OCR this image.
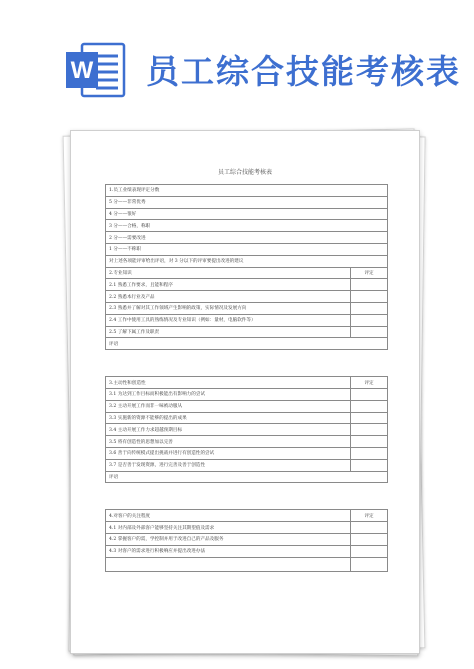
W 员工综合技能考核表
员工综合技能考核表
1.员工业绩表现评定分数	
5 分——非常优秀	
4 分——很好	
3 分——合格，称职	
2 分——需要改进	
1 分——不称职	
对上述各项能评审给出评语，对 3 分以下的评审要提出改进的建议	
2.专业知识	评定
2.1 熟悉工作要求，且能和程序	
2.2 熟悉本行业及产品	
2.3 熟悉并了解对其工作领域产生影响的政策，实际情况及发展方向	
2.4 工作中使用工具的熟练情况及专业知识（例如：量材，电脑软件等）	
2.5 了解下属工作及职责	
评语	

3.主动性和创造性	评定
3.1 为达到工作目标而积极能出有影响力的尝试	
3.2 主动开展工作而非一味被动服从	
3.3 实施新的资源不能够的提出的成果	
3.4 主动开展工作力求超越预期目标	
3.5 将有创造性的思想加以完善	
3.6 善于向传统模式提出挑战并进行有创造性的尝试	
3.7 是否善于发现资源，进行完善及善于创造性	
评语	

4.对客户的关注程度	评定
4.1 对内部及外部客户能够坚持关注其期望值及需求	
4.2 掌握客户的需，学控制并用于改进自己的产品及服务	
4.3 对客户的需求进行积极响应并提出改进办法	
